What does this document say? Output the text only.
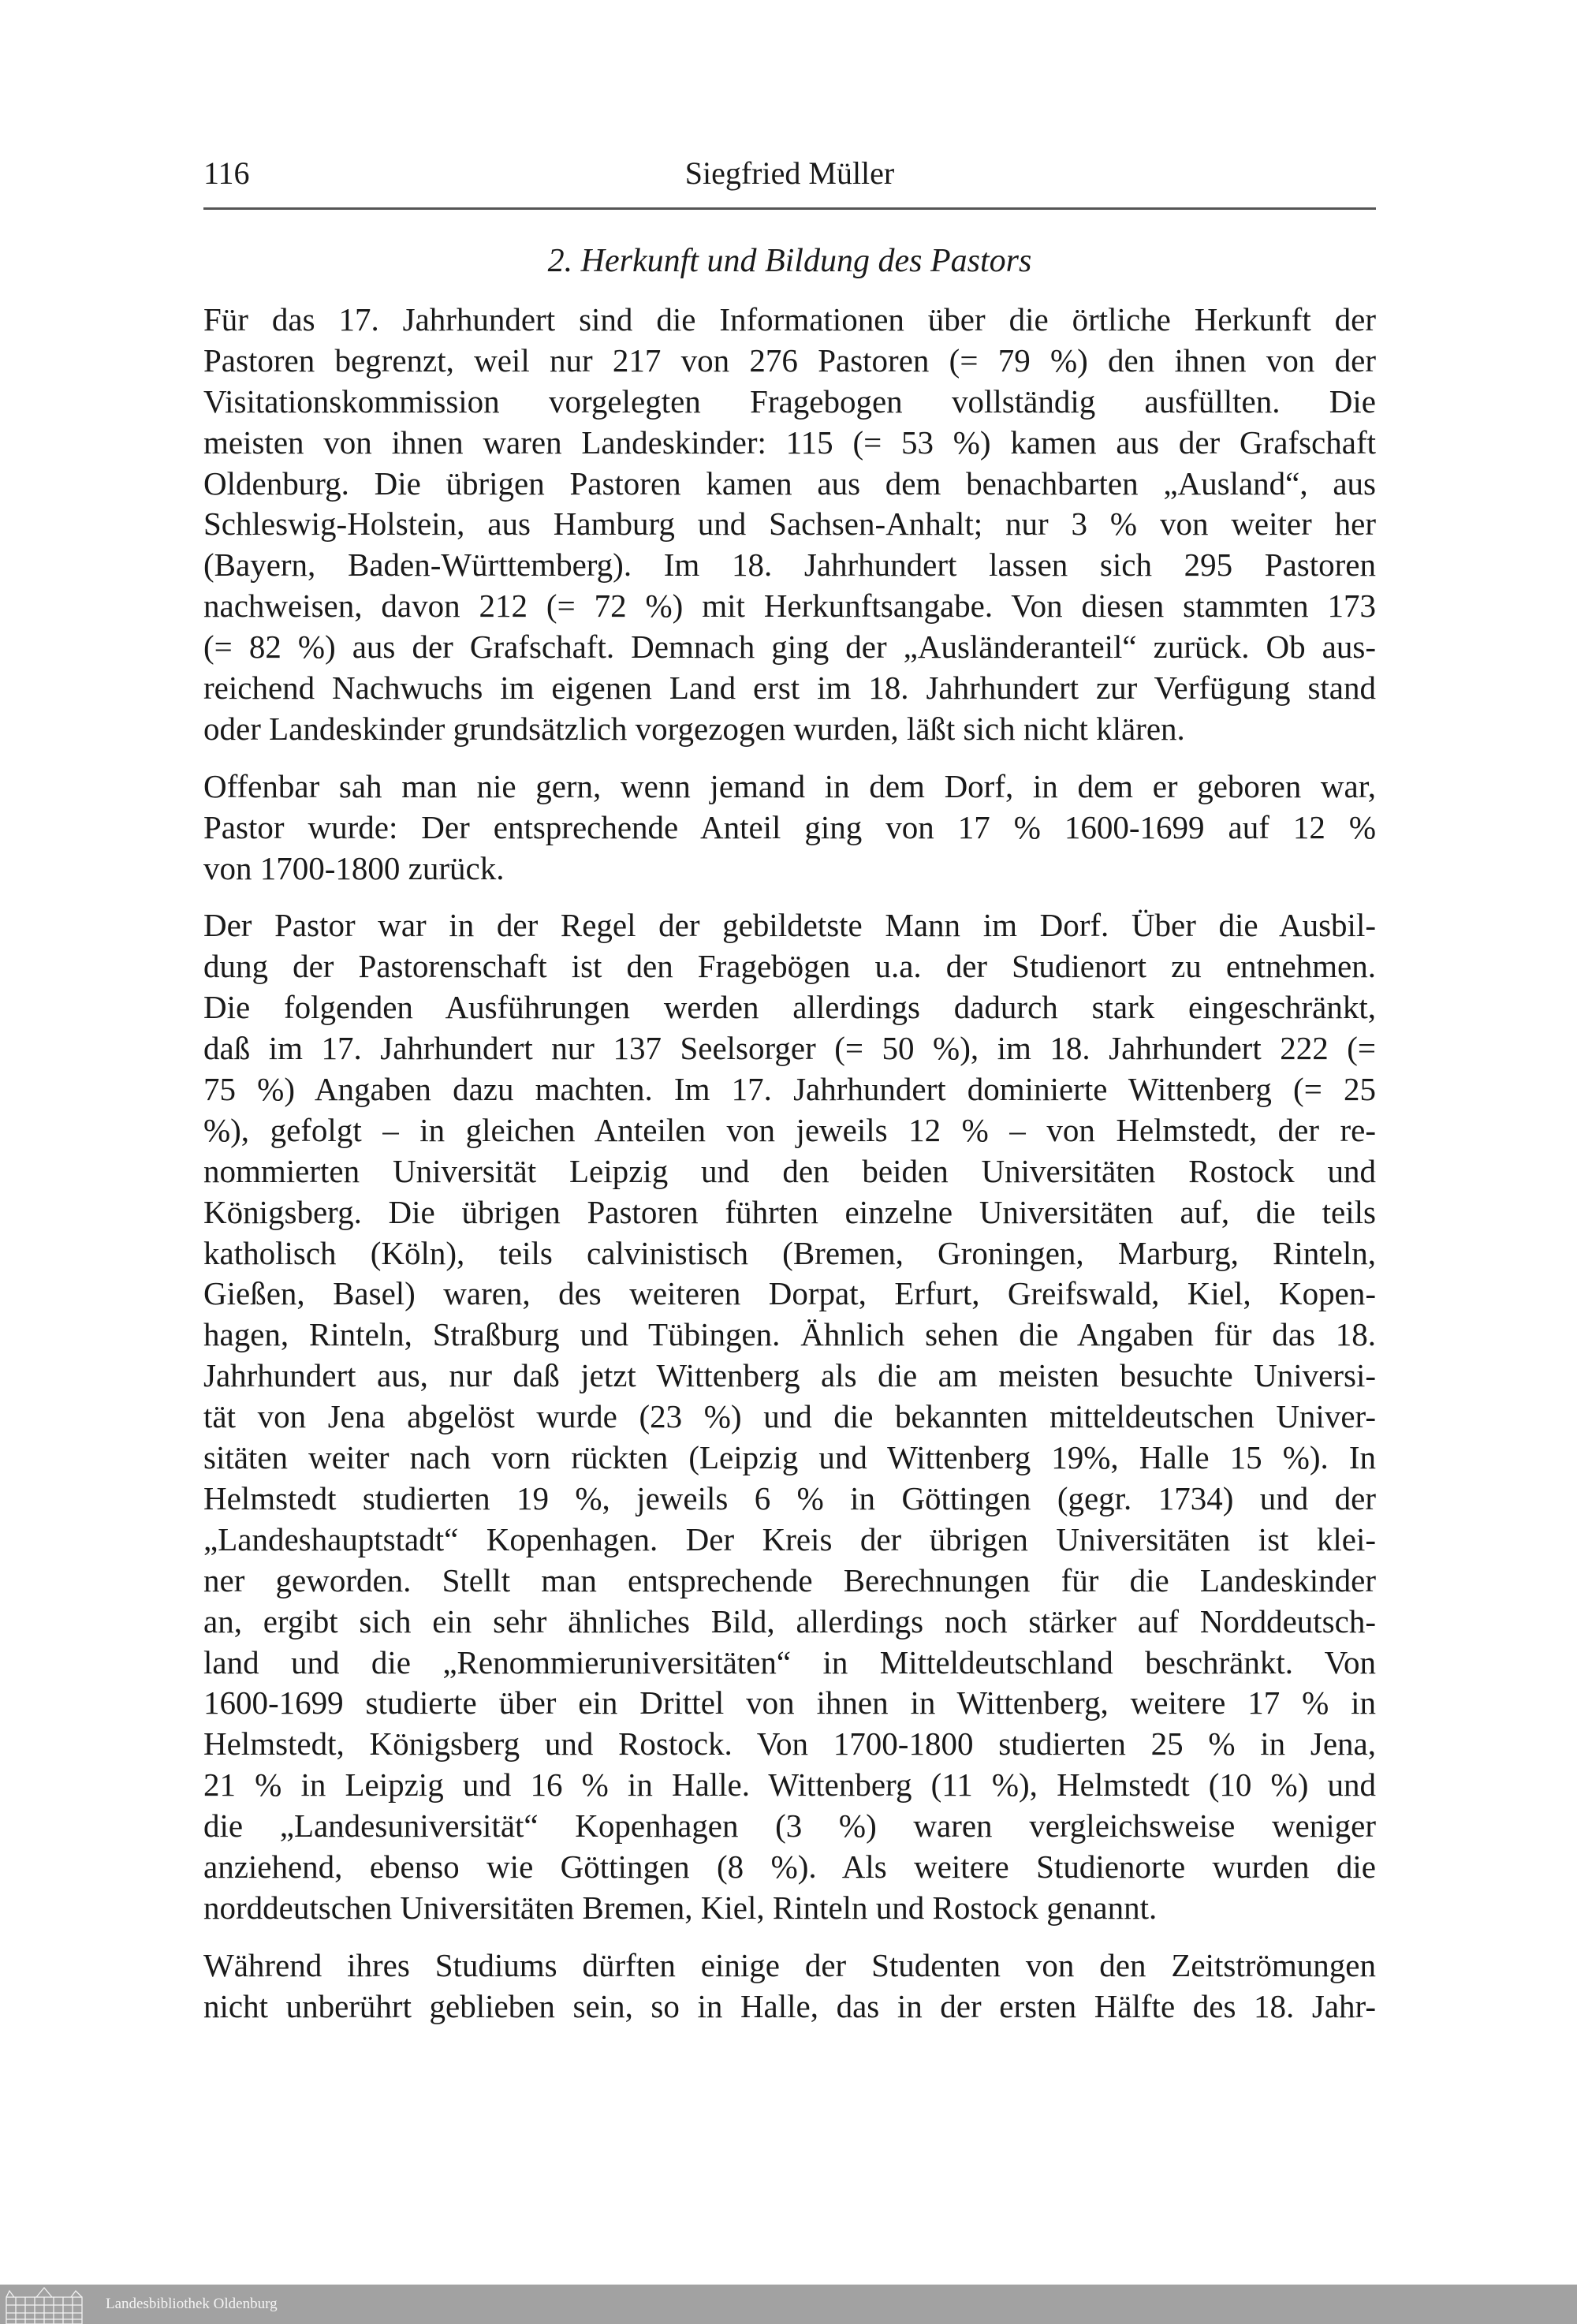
116	Siegfried Müller
2. Herkunft und Bildung des Pastors
Für das 17. Jahrhundert sind die Informationen über die örtliche Herkunft der
Pastoren begrenzt, weil nur 217 von 276 Pastoren (= 79 %) den ihnen von der
Visitationskommission vorgelegten Fragebogen vollständig ausfüllten. Die
meisten von ihnen waren Landeskinder: 115 (= 53 %) kamen aus der Grafschaft
Oldenburg. Die übrigen Pastoren kamen aus dem benachbarten „Ausland“, aus
Schleswig-Holstein, aus Hamburg und Sachsen-Anhalt; nur 3 % von weiter her
(Bayern, Baden-Württemberg). Im 18. Jahrhundert lassen sich 295 Pastoren
nachweisen, davon 212 (= 72 %) mit Herkunftsangabe. Von diesen stammten 173
(= 82 %) aus der Grafschaft. Demnach ging der „Ausländeranteil“ zurück. Ob aus-
reichend Nachwuchs im eigenen Land erst im 18. Jahrhundert zur Verfügung stand
oder Landeskinder grundsätzlich vorgezogen wurden, läßt sich nicht klären.
Offenbar sah man nie gern, wenn jemand in dem Dorf, in dem er geboren war,
Pastor wurde: Der entsprechende Anteil ging von 17 % 1600-1699 auf 12 %
von 1700-1800 zurück.
Der Pastor war in der Regel der gebildetste Mann im Dorf. Über die Ausbil-
dung der Pastorenschaft ist den Fragebögen u.a. der Studienort zu entnehmen.
Die folgenden Ausführungen werden allerdings dadurch stark eingeschränkt,
daß im 17. Jahrhundert nur 137 Seelsorger (= 50 %), im 18. Jahrhundert 222 (=
75 %) Angaben dazu machten. Im 17. Jahrhundert dominierte Wittenberg (= 25
%), gefolgt – in gleichen Anteilen von jeweils 12 % – von Helmstedt, der re-
nommierten Universität Leipzig und den beiden Universitäten Rostock und
Königsberg. Die übrigen Pastoren führten einzelne Universitäten auf, die teils
katholisch (Köln), teils calvinistisch (Bremen, Groningen, Marburg, Rinteln,
Gießen, Basel) waren, des weiteren Dorpat, Erfurt, Greifswald, Kiel, Kopen-
hagen, Rinteln, Straßburg und Tübingen. Ähnlich sehen die Angaben für das 18.
Jahrhundert aus, nur daß jetzt Wittenberg als die am meisten besuchte Universi-
tät von Jena abgelöst wurde (23 %) und die bekannten mitteldeutschen Univer-
sitäten weiter nach vorn rückten (Leipzig und Wittenberg 19%, Halle 15 %). In
Helmstedt studierten 19 %, jeweils 6 % in Göttingen (gegr. 1734) und der
„Landeshauptstadt“ Kopenhagen. Der Kreis der übrigen Universitäten ist klei-
ner geworden. Stellt man entsprechende Berechnungen für die Landeskinder
an, ergibt sich ein sehr ähnliches Bild, allerdings noch stärker auf Norddeutsch-
land und die „Renommieruniversitäten“ in Mitteldeutschland beschränkt. Von
1600-1699 studierte über ein Drittel von ihnen in Wittenberg, weitere 17 % in
Helmstedt, Königsberg und Rostock. Von 1700-1800 studierten 25 % in Jena,
21 % in Leipzig und 16 % in Halle. Wittenberg (11 %), Helmstedt (10 %) und
die „Landesuniversität“ Kopenhagen (3 %) waren vergleichsweise weniger
anziehend, ebenso wie Göttingen (8 %). Als weitere Studienorte wurden die
norddeutschen Universitäten Bremen, Kiel, Rinteln und Rostock genannt.
Während ihres Studiums dürften einige der Studenten von den Zeitströmungen
nicht unberührt geblieben sein, so in Halle, das in der ersten Hälfte des 18. Jahr-
Landesbibliothek Oldenburg
